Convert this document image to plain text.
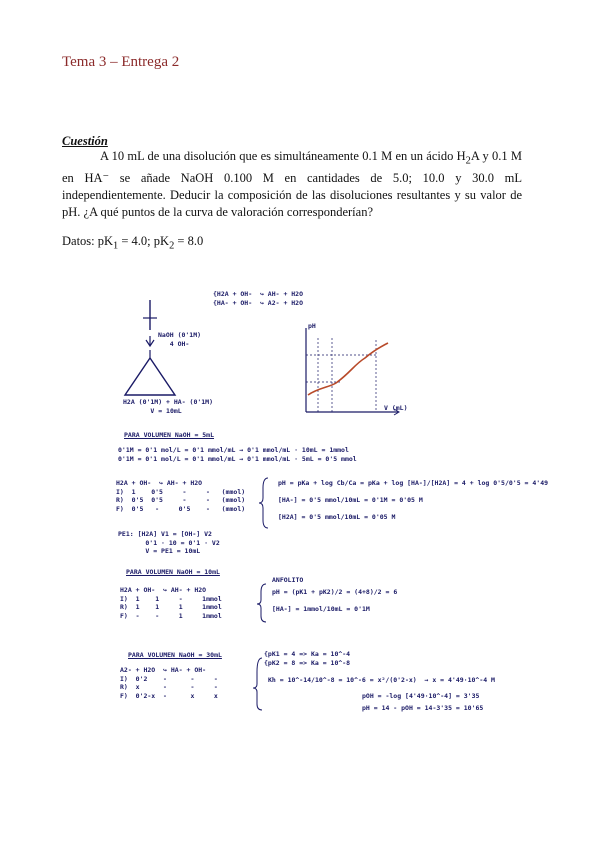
Tema 3 – Entrega 2
Cuestión
A 10 mL de una disolución que es simultáneamente 0.1 M en un ácido $H_2A$ y 0.1 M en HA⁻ se añade NaOH 0.100 M en cantidades de 5.0; 10.0 y 30.0 mL independientemente. Deducir la composición de las disoluciones resultantes y su valor de pH. ¿A qué puntos de la curva de valoración corresponderían?
Datos: $pK_1 = 4.0$; $pK_2 = 8.0$
{H2A + OH-  ↪ AH- + H2O
{HA- + OH-  ↪ A2- + H2O
NaOH (0'1M)
4 OH-
H2A (0'1M) + HA- (0'1M)
V = 10mL
pH
V (mL)
PARA VOLUMEN NaOH = 5mL
0'1M = 0'1 mol/L = 0'1 mmol/mL → 0'1 mmol/mL · 10mL = 1mmol
0'1M = 0'1 mol/L = 0'1 mmol/mL → 0'1 mmol/mL · 5mL = 0'5 mmol
H2A + OH-  ↪ AH- + H2O
I)  1    0'5     -     -   (mmol)
R)  0'5  0'5     -     -   (mmol)
F)  0'5   -     0'5    -   (mmol)
pH = pKa + log Cb/Ca = pKa + log [HA-]/[H2A] = 4 + log 0'5/0'5 = 4'49

[HA-] = 0'5 mmol/10mL = 0'1M = 0'05 M

[H2A] = 0'5 mmol/10mL = 0'05 M
PE1: [H2A] V1 = [OH-] V2
0'1 · 10 = 0'1 · V2
V = PE1 = 10mL
PARA VOLUMEN NaOH = 10mL
ANFOLITO
H2A + OH-  ↪ AH- + H2O
I)  1    1     -     1mmol
R)  1    1     1     1mmol
F)  -    -     1     1mmol
pH = (pK1 + pK2)/2 = (4+8)/2 = 6

[HA-] = 1mmol/10mL = 0'1M
PARA VOLUMEN NaOH = 30mL	{pK1 = 4 => Ka = 10^-4
{pK2 = 8 => Ka = 10^-8
A2- + H2O  ↪ HA- + OH-
I)  0'2    -      -     -
R)  x      -      -     -
F)  0'2-x  -      x     x
Kh = 10^-14/10^-8 = 10^-6 = x²/(0'2-x)  → x = 4'49·10^-4 M
pOH = -log [4'49·10^-4] = 3'35
pH = 14 - pOH = 14-3'35 = 10'65
